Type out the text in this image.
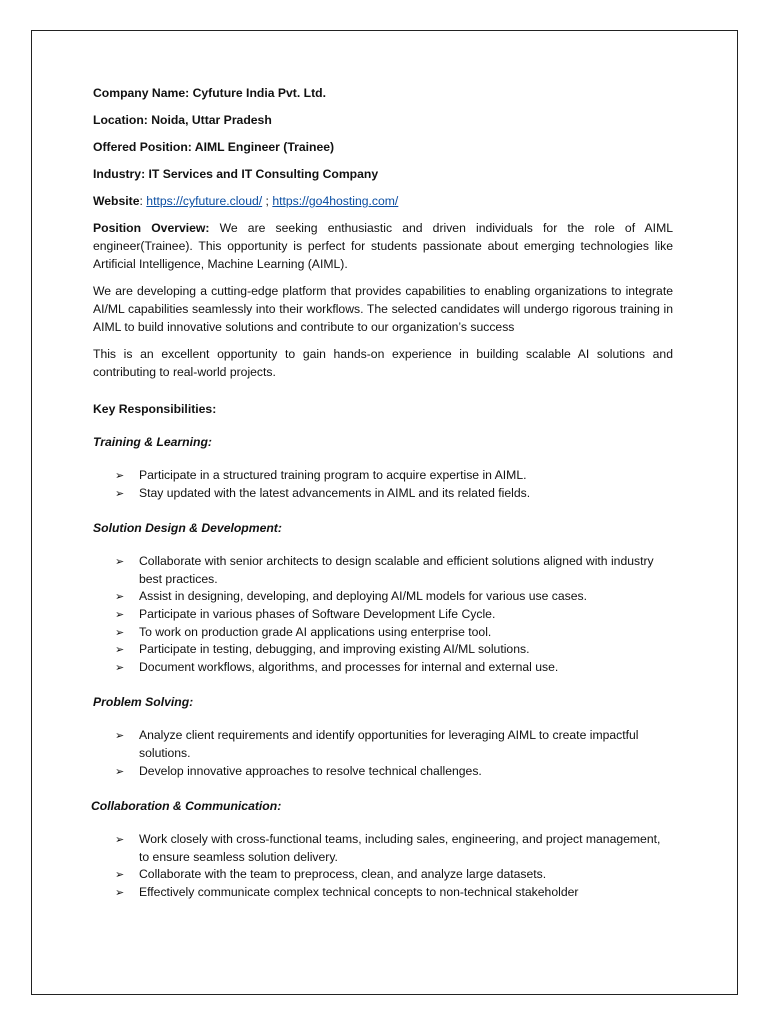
Company Name: Cyfuture India Pvt. Ltd.

Location: Noida, Uttar Pradesh

Offered Position: AIML Engineer (Trainee)

Industry: IT Services and IT Consulting Company

Website: https://cyfuture.cloud/ ; https://go4hosting.com/

Position Overview: We are seeking enthusiastic and driven individuals for the role of AIML engineer(Trainee). This opportunity is perfect for students passionate about emerging technologies like Artificial Intelligence, Machine Learning (AIML).

We are developing a cutting-edge platform that provides capabilities to enabling organizations to integrate AI/ML capabilities seamlessly into their workflows. The selected candidates will undergo rigorous training in AIML to build innovative solutions and contribute to our organization’s success

This is an excellent opportunity to gain hands-on experience in building scalable AI solutions and contributing to real-world projects.

Key Responsibilities:

Training & Learning:

➢ Participate in a structured training program to acquire expertise in AIML.
➢ Stay updated with the latest advancements in AIML and its related fields.

Solution Design & Development:

➢ Collaborate with senior architects to design scalable and efficient solutions aligned with industry best practices.
➢ Assist in designing, developing, and deploying AI/ML models for various use cases.
➢ Participate in various phases of Software Development Life Cycle.
➢ To work on production grade AI applications using enterprise tool.
➢ Participate in testing, debugging, and improving existing AI/ML solutions.
➢ Document workflows, algorithms, and processes for internal and external use.

Problem Solving:

➢ Analyze client requirements and identify opportunities for leveraging AIML to create impactful solutions.
➢ Develop innovative approaches to resolve technical challenges.

Collaboration & Communication:

➢ Work closely with cross-functional teams, including sales, engineering, and project management, to ensure seamless solution delivery.
➢ Collaborate with the team to preprocess, clean, and analyze large datasets.
➢ Effectively communicate complex technical concepts to non-technical stakeholder
